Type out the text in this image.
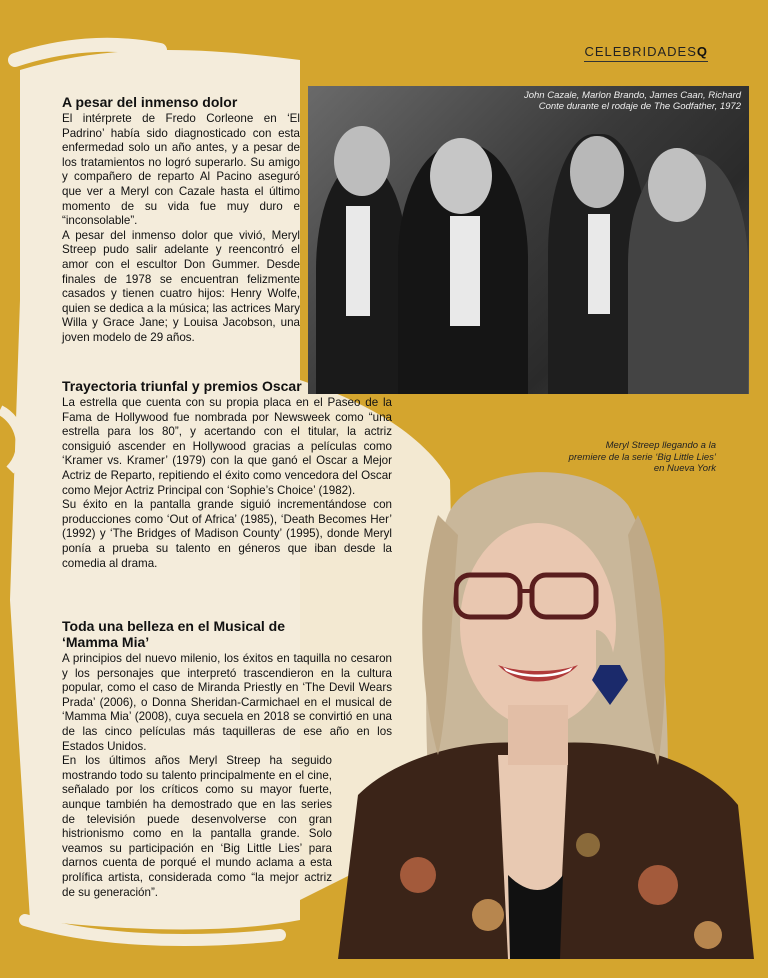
CELEBRIDADESQ
John Cazale, Marlon Brando, James Caan, Richard
Conte durante el rodaje de The Godfather, 1972
Meryl Streep llegando a la premiere de la serie ‘Big Little Lies’ en Nueva York
A pesar del inmenso dolor

El intérprete de Fredo Corleone en ‘El Padrino’ había sido diagnosticado con esta enfermedad solo un año antes, y a pesar de los tratamientos no logró superarlo. Su amigo y compañero de reparto Al Pacino aseguró que ver a Meryl con Cazale hasta el último momento de su vida fue muy duro e “inconsolable”.

A pesar del inmenso dolor que vivió, Meryl Streep pudo salir adelante y reencontró el amor con el escultor Don Gummer. Desde finales de 1978 se encuentran felizmente casados y tienen cuatro hijos: Henry Wolfe, quien se dedica a la música; las actrices Mary Willa y Grace Jane; y Louisa Jacobson, una joven modelo de 29 años.

Trayectoria triunfal y premios Oscar

La estrella que cuenta con su propia placa en el Paseo de la Fama de Hollywood fue nombrada por Newsweek como “una estrella para los 80”, y acertando con el titular, la actriz consiguió ascender en Hollywood gracias a películas como ‘Kramer vs. Kramer’ (1979) con la que ganó el Oscar a Mejor Actriz de Reparto, repitiendo el éxito como vencedora del Oscar como Mejor Actriz Principal con ‘Sophie’s Choice’ (1982).

Su éxito en la pantalla grande siguió incrementándose con producciones como ‘Out of Africa’ (1985), ‘Death Becomes Her’ (1992) y ‘The Bridges of Madison County’ (1995), donde Meryl ponía a prueba su talento en géneros que iban desde la comedia al drama.

Toda una belleza en el Musical de ‘Mamma Mia’

A principios del nuevo milenio, los éxitos en taquilla no cesaron y los personajes que interpretó trascendieron en la cultura popular, como el caso de Miranda Priestly en ‘The Devil Wears Prada’ (2006), o Donna Sheridan-Carmichael en el musical de ‘Mamma Mia’ (2008), cuya secuela en 2018 se convirtió en una de las cinco películas más taquilleras de ese año en los Estados Unidos.

En los últimos años Meryl Streep ha seguido mostrando todo su talento principalmente en el cine, señalado por los críticos como su mayor fuerte, aunque también ha demostrado que en las series de televisión puede desenvolverse con gran histrionismo como en la pantalla grande. Solo veamos su participación en ‘Big Little Lies’ para darnos cuenta de porqué el mundo aclama a esta prolífica artista, considerada como “la mejor actriz de su generación”.
